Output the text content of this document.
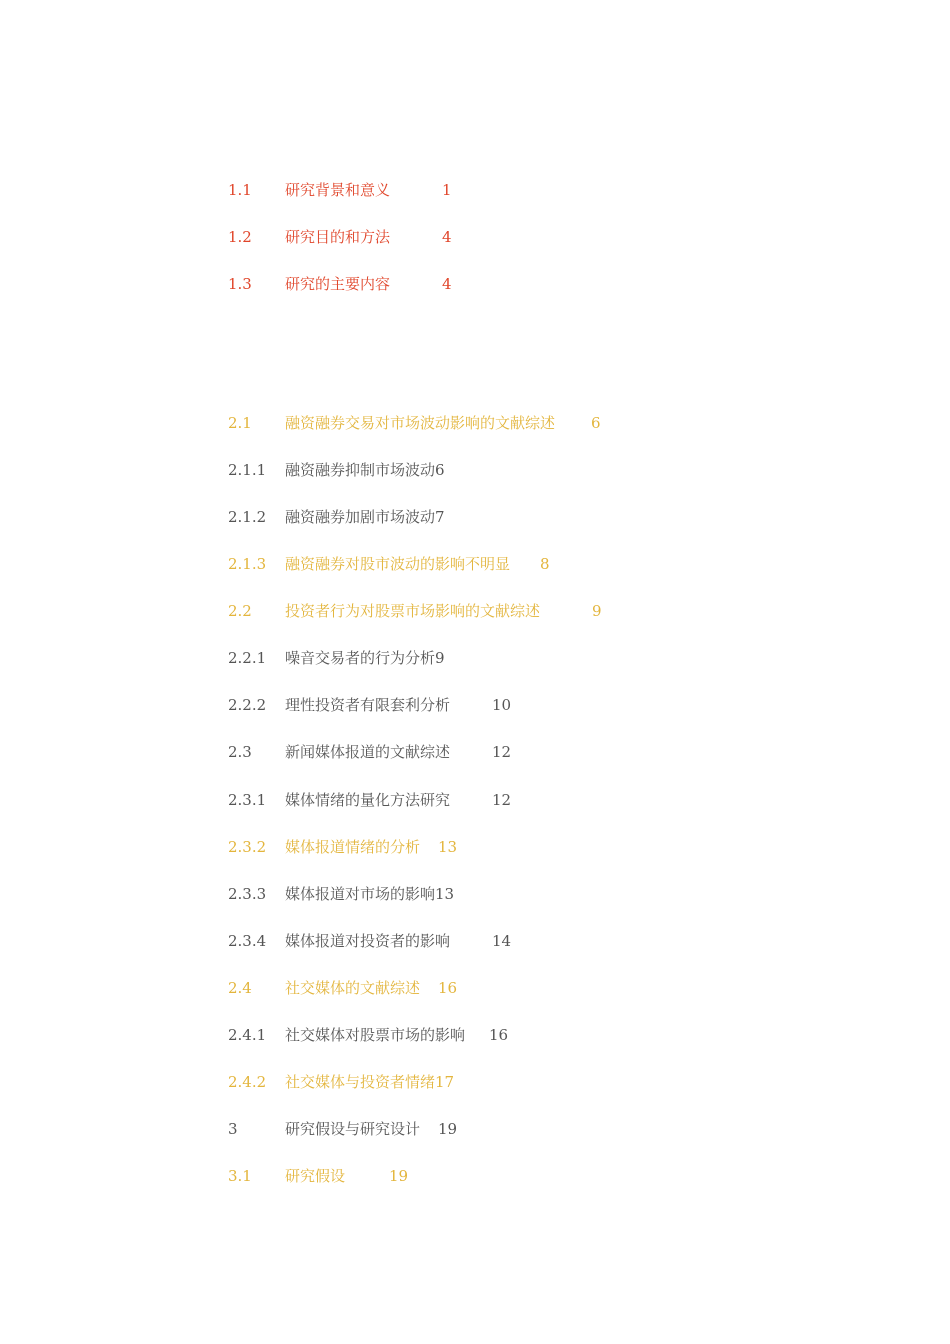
1.1 研究背景和意义	1
1.2 研究目的和方法	4
1.3 研究的主要内容	4
2.1 融资融券交易对市场波动影响的文献综述 6
2.1.1 融资融券抑制市场波动6
2.1.2 融资融券加剧市场波动7
2.1.3 融资融券对股市波动的影响不明显 8
2.2 投资者行为对股票市场影响的文献综述	9
2.2.1 噪音交易者的行为分析9
2.2.2 理性投资者有限套利分析	10
2.3 新闻媒体报道的文献综述	12
2.3.1 媒体情绪的量化方法研究	12
2.3.2 媒体报道情绪的分析 13
2.3.3 媒体报道对市场的影响13
2.3.4 媒体报道对投资者的影响	14
2.4 社交媒体的文献综述 16
2.4.1 社交媒体对股票市场的影响 16
2.4.2 社交媒体与投资者情绪17
3	研究假设与研究设计 19
3.1 研究假设	19
